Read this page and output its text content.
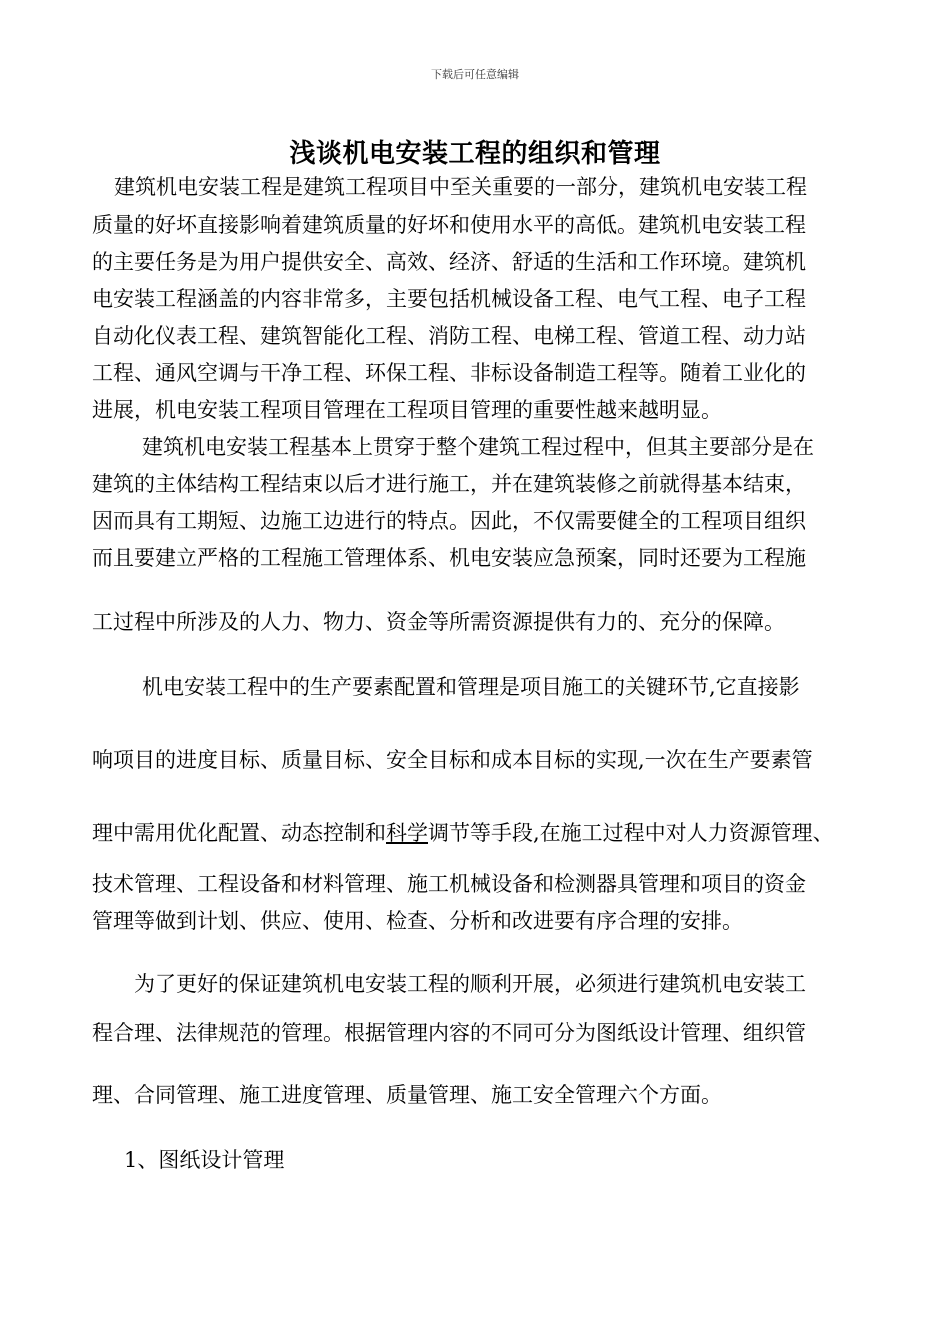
下载后可任意编辑
浅谈机电安装工程的组织和管理
建筑机电安装工程是建筑工程项目中至关重要的一部分，建筑机电安装工程
质量的好坏直接影响着建筑质量的好坏和使用水平的高低。建筑机电安装工程
的主要任务是为用户提供安全、高效、经济、舒适的生活和工作环境。建筑机
电安装工程涵盖的内容非常多，主要包括机械设备工程、电气工程、电子工程
自动化仪表工程、建筑智能化工程、消防工程、电梯工程、管道工程、动力站
工程、通风空调与干净工程、环保工程、非标设备制造工程等。随着工业化的
进展，机电安装工程项目管理在工程项目管理的重要性越来越明显。
建筑机电安装工程基本上贯穿于整个建筑工程过程中，但其主要部分是在
建筑的主体结构工程结束以后才进行施工，并在建筑装修之前就得基本结束，
因而具有工期短、边施工边进行的特点。因此，不仅需要健全的工程项目组织
而且要建立严格的工程施工管理体系、机电安装应急预案，同时还要为工程施
工过程中所涉及的人力、物力、资金等所需资源提供有力的、充分的保障。
机电安装工程中的生产要素配置和管理是项目施工的关键环节,它直接影
响项目的进度目标、质量目标、安全目标和成本目标的实现,一次在生产要素管
理中需用优化配置、动态控制和科学调节等手段,在施工过程中对人力资源管理、
技术管理、工程设备和材料管理、施工机械设备和检测器具管理和项目的资金
管理等做到计划、供应、使用、检查、分析和改进要有序合理的安排。
为了更好的保证建筑机电安装工程的顺利开展，必须进行建筑机电安装工
程合理、法律规范的管理。根据管理内容的不同可分为图纸设计管理、组织管
理、合同管理、施工进度管理、质量管理、施工安全管理六个方面。
1、图纸设计管理
